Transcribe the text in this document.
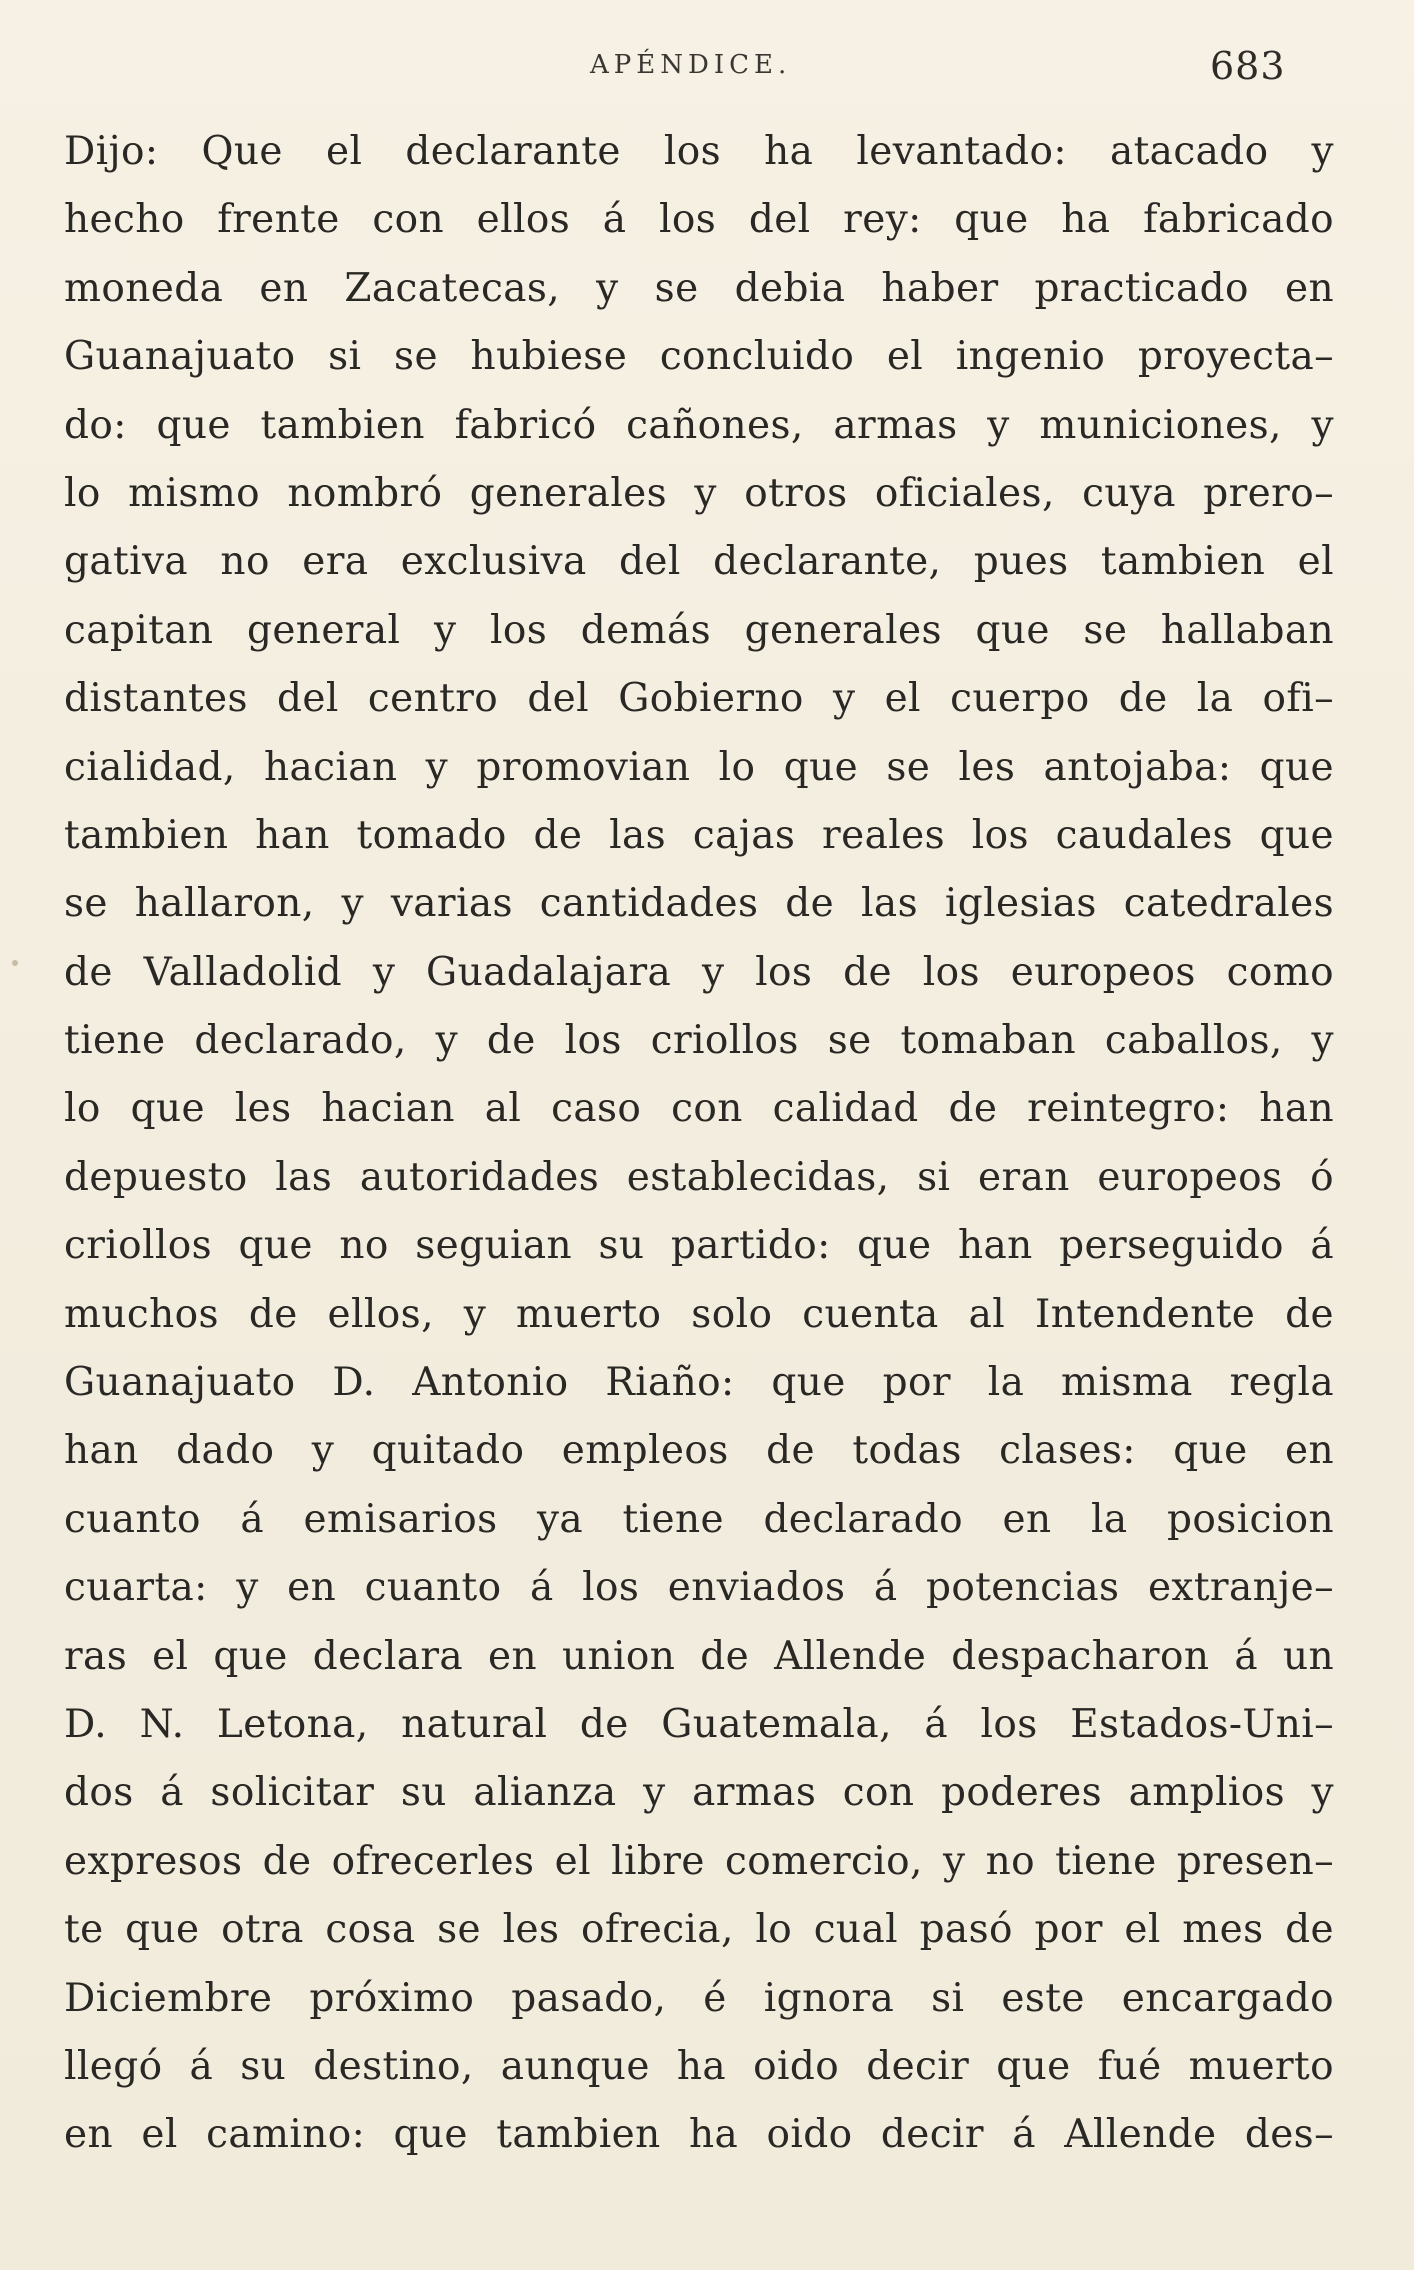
APÉNDICE.	683
Dijo: Que el declarante los ha levantado: atacado y
hecho frente con ellos á los del rey: que ha fabricado
moneda en Zacatecas, y se debia haber practicado en
Guanajuato si se hubiese concluido el ingenio proyecta–
do: que tambien fabricó cañones, armas y municiones, y
lo mismo nombró generales y otros oficiales, cuya prero–
gativa no era exclusiva del declarante, pues tambien el
capitan general y los demás generales que se hallaban
distantes del centro del Gobierno y el cuerpo de la ofi–
cialidad, hacian y promovian lo que se les antojaba: que
tambien han tomado de las cajas reales los caudales que
se hallaron, y varias cantidades de las iglesias catedrales
de Valladolid y Guadalajara y los de los europeos como
tiene declarado, y de los criollos se tomaban caballos, y
lo que les hacian al caso con calidad de reintegro: han
depuesto las autoridades establecidas, si eran europeos ó
criollos que no seguian su partido: que han perseguido á
muchos de ellos, y muerto solo cuenta al Intendente de
Guanajuato D. Antonio Riaño: que por la misma regla
han dado y quitado empleos de todas clases: que en
cuanto á emisarios ya tiene declarado en la posicion
cuarta: y en cuanto á los enviados á potencias extranje–
ras el que declara en union de Allende despacharon á un
D. N. Letona, natural de Guatemala, á los Estados-Uni–
dos á solicitar su alianza y armas con poderes amplios y
expresos de ofrecerles el libre comercio, y no tiene presen–
te que otra cosa se les ofrecia, lo cual pasó por el mes de
Diciembre próximo pasado, é ignora si este encargado
llegó á su destino, aunque ha oido decir que fué muerto
en el camino: que tambien ha oido decir á Allende des–
